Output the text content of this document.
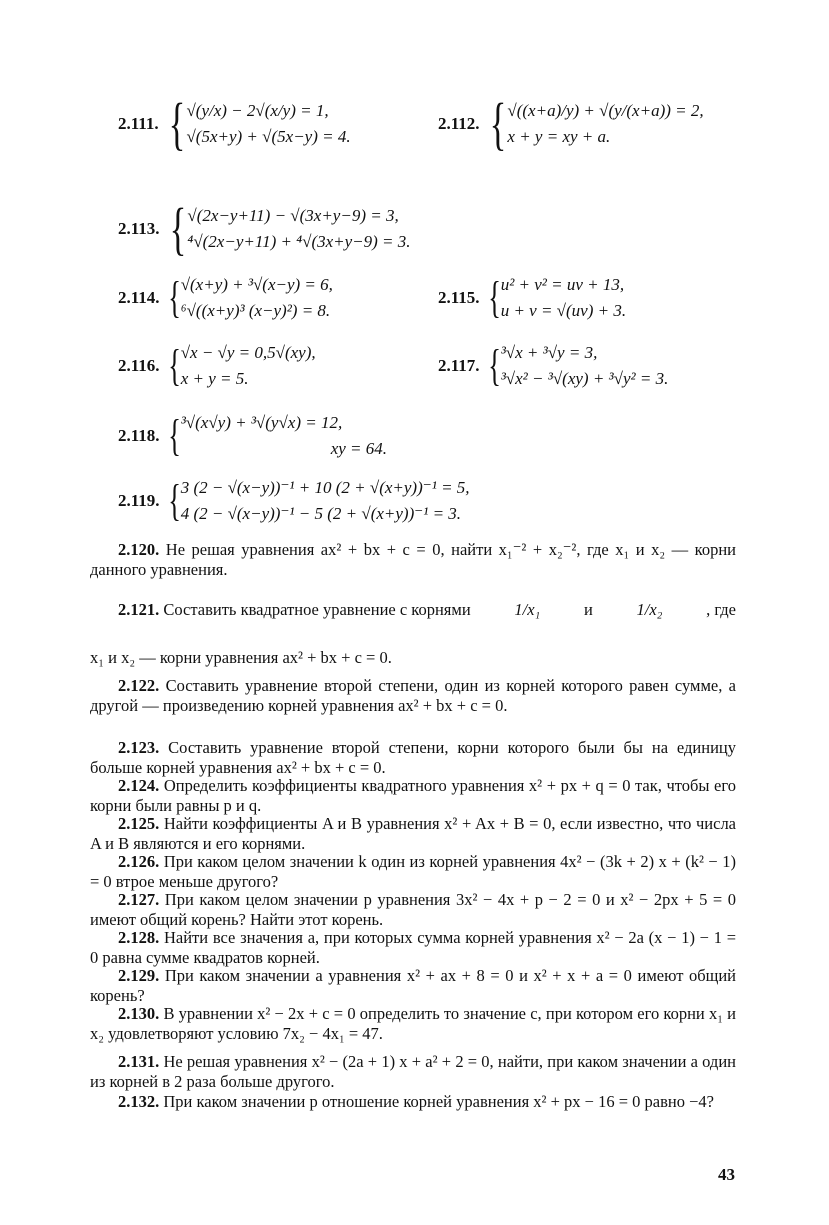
2.111. { √(y/x) − 2√(x/y) = 1,
√(5x+y) + √(5x−y) = 4.
2.112. { √((x+a)/y) + √(y/(x+a)) = 2,
x + y = xy + a.
2.113. { √(2x−y+11) − √(3x+y−9) = 3,
⁴√(2x−y+11) + ⁴√(3x+y−9) = 3.
2.114. { √(x+y) + ³√(x−y) = 6,
⁶√((x+y)³ (x−y)²) = 8.
2.115. { u² + v² = uv + 13,
u + v = √(uv) + 3.
2.116. { √x − √y = 0,5√(xy),
x + y = 5.
2.117. { ³√x + ³√y = 3,
³√x² − ³√(xy) + ³√y² = 3.
2.118. { ³√(x√y) + ³√(y√x) = 12,
xy = 64.
2.119. { 3 (2 − √(x−y))⁻¹ + 10 (2 + √(x+y))⁻¹ = 5,
4 (2 − √(x−y))⁻¹ − 5 (2 + √(x+y))⁻¹ = 3.
2.120. Не решая уравнения ax² + bx + c = 0, найти x₁⁻² + x₂⁻², где x₁ и x₂ — корни данного уравнения.
2.121. Составить квадратное уравнение с корнями	1/x₁	и	1/x₂	, где
x₁ и x₂ — корни уравнения ax² + bx + c = 0.
2.122. Составить уравнение второй степени, один из корней которого равен сумме, а другой — произведению корней уравнения ax² + bx + c = 0.
2.123. Составить уравнение второй степени, корни которого были бы на единицу больше корней уравнения ax² + bx + c = 0.
2.124. Определить коэффициенты квадратного уравнения x² + px + q = 0 так, чтобы его корни были равны p и q.
2.125. Найти коэффициенты A и B уравнения x² + Ax + B = 0, если известно, что числа A и B являются и его корнями.
2.126. При каком целом значении k один из корней уравнения 4x² − (3k + 2) x + (k² − 1) = 0 втрое меньше другого?
2.127. При каком целом значении p уравнения 3x² − 4x + p − 2 = 0 и x² − 2px + 5 = 0 имеют общий корень? Найти этот корень.
2.128. Найти все значения a, при которых сумма корней уравнения x² − 2a (x − 1) − 1 = 0 равна сумме квадратов корней.
2.129. При каком значении a уравнения x² + ax + 8 = 0 и x² + x + a = 0 имеют общий корень?
2.130. В уравнении x² − 2x + c = 0 определить то значение c, при котором его корни x₁ и x₂ удовлетворяют условию 7x₂ − 4x₁ = 47.
2.131. Не решая уравнения x² − (2a + 1) x + a² + 2 = 0, найти, при каком значении a один из корней в 2 раза больше другого.
2.132. При каком значении p отношение корней уравнения x² + px − 16 = 0 равно −4?
43
